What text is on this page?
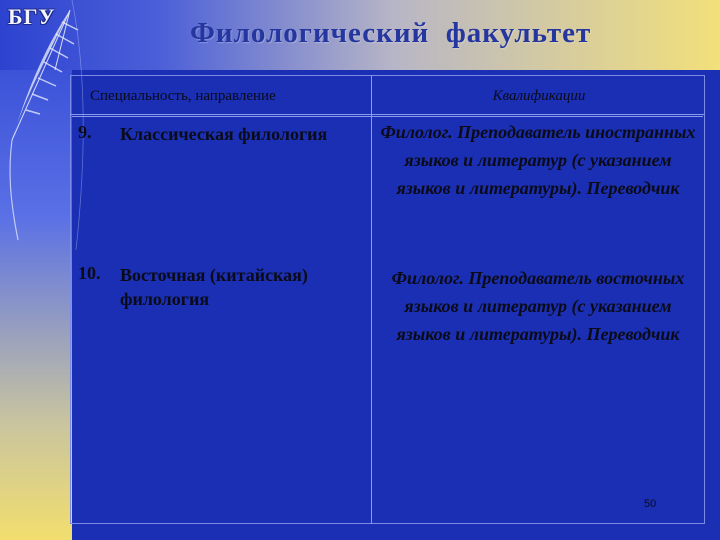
БГУ
Филологический  факультет
Специальность, направление	Квалификации
9. Классическая филология	Филолог. Преподаватель иностранных языков и литератур (с указанием языков и литературы). Переводчик
10. Восточная (китайская) филология
Филолог. Преподаватель восточных языков и литератур (с указанием языков и литературы). Переводчик
50
